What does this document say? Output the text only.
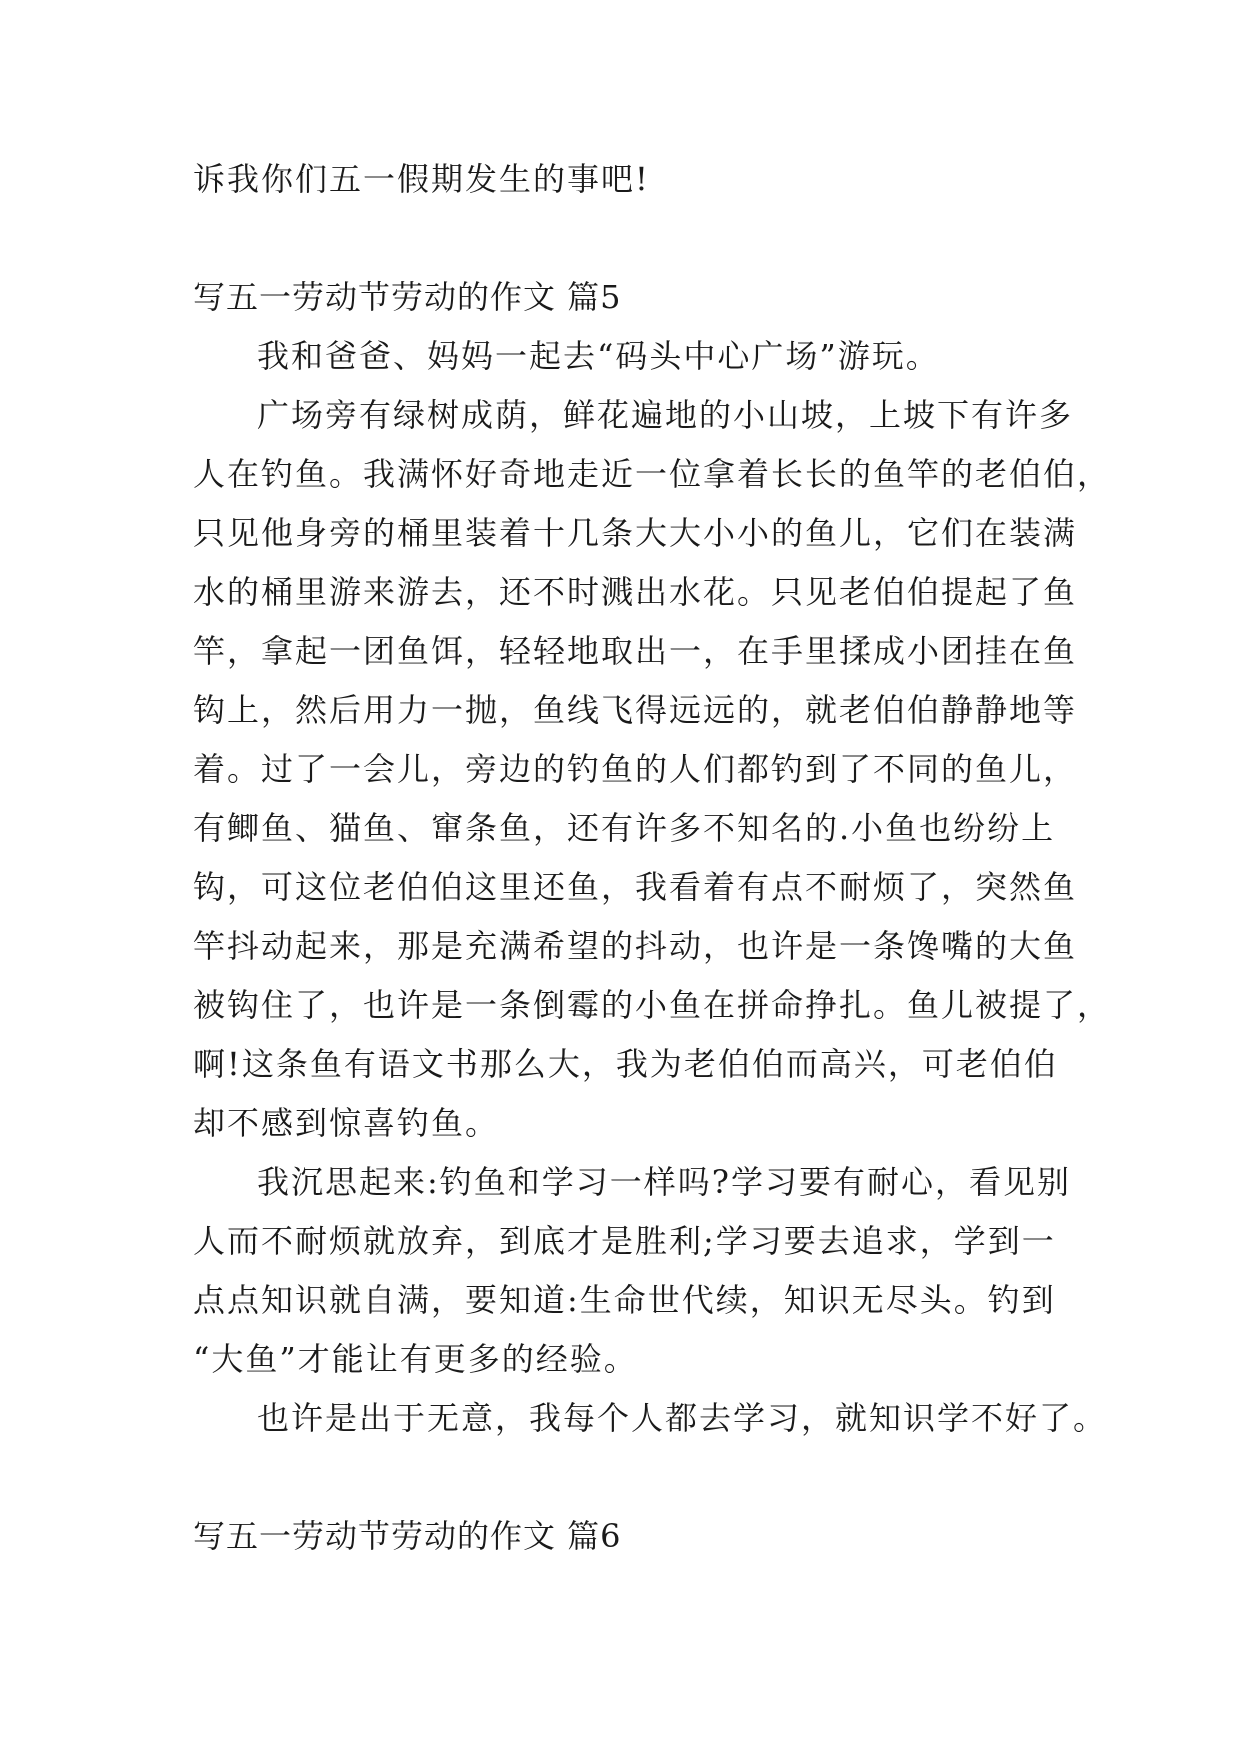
诉我你们五一假期发生的事吧!
写五一劳动节劳动的作文 篇5
我和爸爸、妈妈一起去“码头中心广场”游玩。
广场旁有绿树成荫，鲜花遍地的小山坡，上坡下有许多
人在钓鱼。我满怀好奇地走近一位拿着长长的鱼竿的老伯伯，
只见他身旁的桶里装着十几条大大小小的鱼儿，它们在装满
水的桶里游来游去，还不时溅出水花。只见老伯伯提起了鱼
竿，拿起一团鱼饵，轻轻地取出一，在手里揉成小团挂在鱼
钩上，然后用力一抛，鱼线飞得远远的，就老伯伯静静地等
着。过了一会儿，旁边的钓鱼的人们都钓到了不同的鱼儿，
有鲫鱼、猫鱼、窜条鱼，还有许多不知名的.小鱼也纷纷上
钩，可这位老伯伯这里还鱼，我看着有点不耐烦了，突然鱼
竿抖动起来，那是充满希望的抖动，也许是一条馋嘴的大鱼
被钩住了，也许是一条倒霉的小鱼在拼命挣扎。鱼儿被提了，
啊!这条鱼有语文书那么大，我为老伯伯而高兴，可老伯伯
却不感到惊喜钓鱼。
我沉思起来:钓鱼和学习一样吗?学习要有耐心，看见别
人而不耐烦就放弃，到底才是胜利;学习要去追求，学到一
点点知识就自满，要知道:生命世代续，知识无尽头。钓到
“大鱼”才能让有更多的经验。
也许是出于无意，我每个人都去学习，就知识学不好了。
写五一劳动节劳动的作文 篇6
